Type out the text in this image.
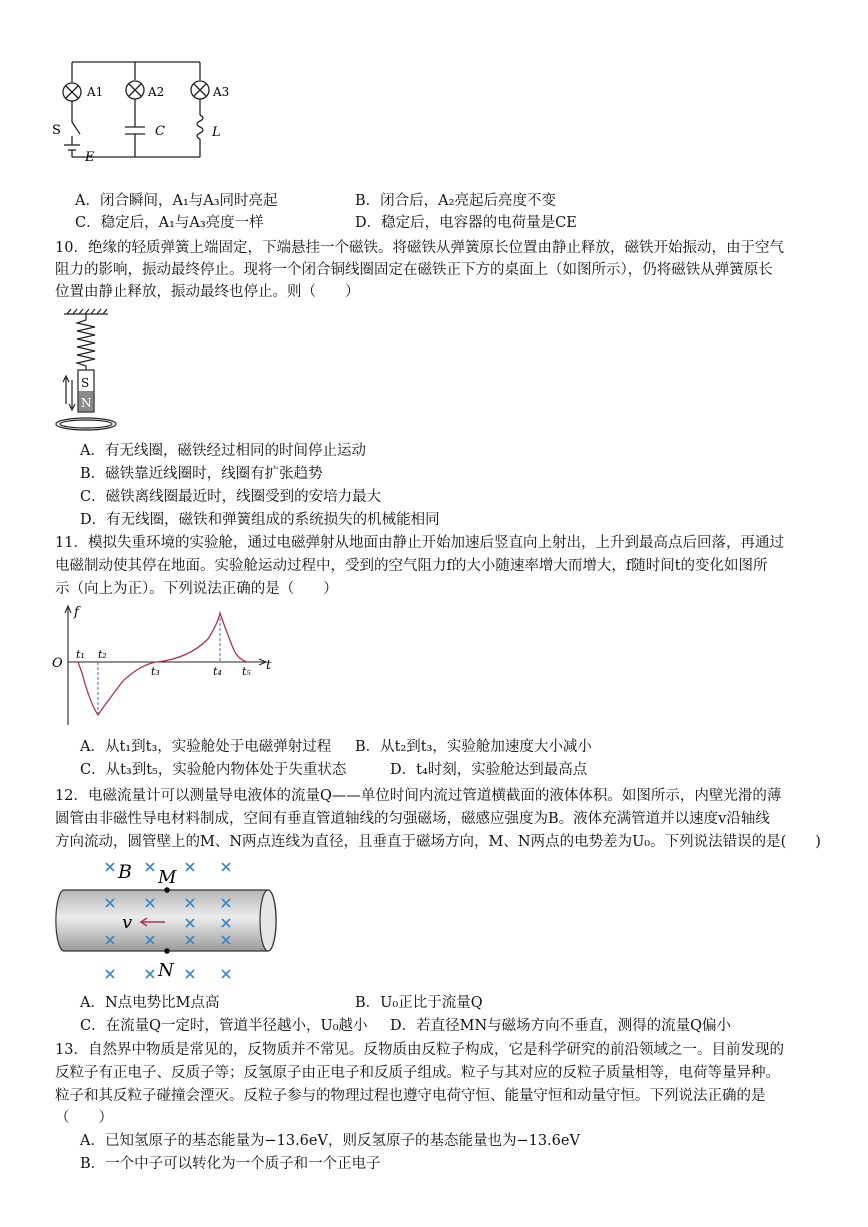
A1	A2	A3
S
E
C	L
A．闭合瞬间，A₁与A₃同时亮起	B．闭合后，A₂亮起后亮度不变
C．稳定后，A₁与A₃亮度一样	D．稳定后，电容器的电荷量是CE
10．绝缘的轻质弹簧上端固定，下端悬挂一个磁铁。将磁铁从弹簧原长位置由静止释放，磁铁开始振动，由于空气
阻力的影响，振动最终停止。现将一个闭合铜线圈固定在磁铁正下方的桌面上（如图所示），仍将磁铁从弹簧原长
位置由静止释放，振动最终也停止。则（　　）
S
N
A．有无线圈，磁铁经过相同的时间停止运动
B．磁铁靠近线圈时，线圈有扩张趋势
C．磁铁离线圈最近时，线圈受到的安培力最大
D．有无线圈，磁铁和弹簧组成的系统损失的机械能相同
11．模拟失重环境的实验舱，通过电磁弹射从地面由静止开始加速后竖直向上射出，上升到最高点后回落，再通过
电磁制动使其停在地面。实验舱运动过程中，受到的空气阻力f的大小随速率增大而增大，f随时间t的变化如图所
示（向上为正）。下列说法正确的是（　　）
f
t
O
t₁ t₂
t₃	t₄ t₅
A．从t₁到t₃，实验舱处于电磁弹射过程 B．从t₂到t₃，实验舱加速度大小减小
C．从t₃到t₅，实验舱内物体处于失重状态	D．t₄时刻，实验舱达到最高点
12．电磁流量计可以测量导电液体的流量Q——单位时间内流过管道横截面的液体体积。如图所示，内壁光滑的薄
圆管由非磁性导电材料制成，空间有垂直管道轴线的匀强磁场，磁感应强度为B。液体充满管道并以速度v沿轴线
方向流动，圆管壁上的M、N两点连线为直径，且垂直于磁场方向，M、N两点的电势差为U₀。下列说法错误的是(　　)
B M
N
v
A．N点电势比M点高	B．U₀正比于流量Q
C．在流量Q一定时，管道半径越小，U₀越小 D．若直径MN与磁场方向不垂直，测得的流量Q偏小
13．自然界中物质是常见的，反物质并不常见。反物质由反粒子构成，它是科学研究的前沿领域之一。目前发现的
反粒子有正电子、反质子等；反氢原子由正电子和反质子组成。粒子与其对应的反粒子质量相等，电荷等量异种。
粒子和其反粒子碰撞会湮灭。反粒子参与的物理过程也遵守电荷守恒、能量守恒和动量守恒。下列说法正确的是
（　　）
A．已知氢原子的基态能量为−13.6eV，则反氢原子的基态能量也为−13.6eV
B．一个中子可以转化为一个质子和一个正电子
